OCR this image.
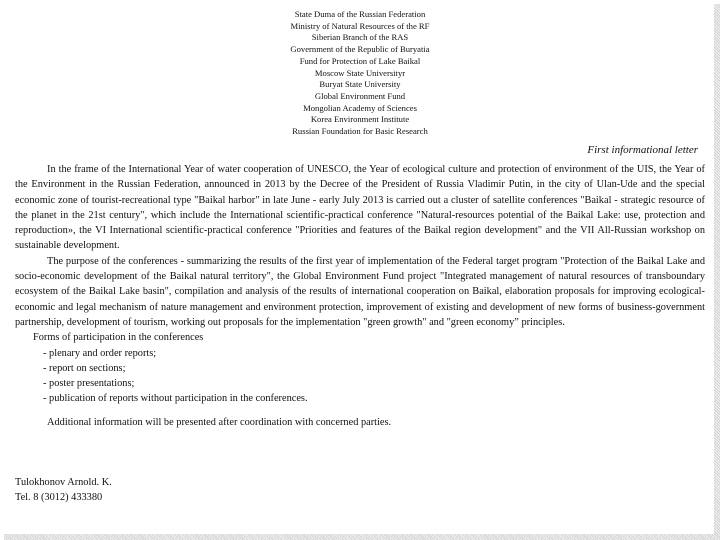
State Duma of the Russian Federation
Ministry of Natural Resources of the RF
Siberian Branch of the RAS
Government of the Republic of Buryatia
Fund for Protection of Lake Baikal
Moscow State Universityr
Buryat State University
Global Environment Fund
Mongolian Academy of Sciences
Korea Environment Institute
Russian Foundation for Basic Research
First informational letter

In the frame of the International Year of water cooperation of UNESCO, the Year of ecological culture and protection of environment of the UIS, the Year of the Environment in the Russian Federation, announced in 2013 by the Decree of the President of Russia Vladimir Putin, in the city of Ulan-Ude and the special economic zone of tourist-recreational type "Baikal harbor" in late June - early July 2013 is carried out a cluster of satellite conferences "Baikal - strategic resource of the planet in the 21st century", which include the International scientific-practical conference "Natural-resources potential of the Baikal Lake: use, protection and reproduction», the VI International scientific-practical conference "Priorities and features of the Baikal region development" and the VII All-Russian workshop on sustainable development.

The purpose of the conferences - summarizing the results of the first year of implementation of the Federal target program "Protection of the Baikal Lake and socio-economic development of the Baikal natural territory", the Global Environment Fund project "Integrated management of natural resources of transboundary ecosystem of the Baikal Lake basin", compilation and analysis of the results of international cooperation on Baikal, elaboration proposals for improving ecological-economic and legal mechanism of nature management and environment protection, improvement of existing and development of new forms of business-government partnership, development of tourism, working out proposals for the implementation "green growth" and "green economy” principles.

Forms of participation in the conferences

- plenary and order reports;

- report on sections;

- poster presentations;

- publication of reports without participation in the conferences.

Additional information will be presented after coordination with concerned parties.

Tulokhonov Arnold. K.
Tel. 8 (3012) 433380
